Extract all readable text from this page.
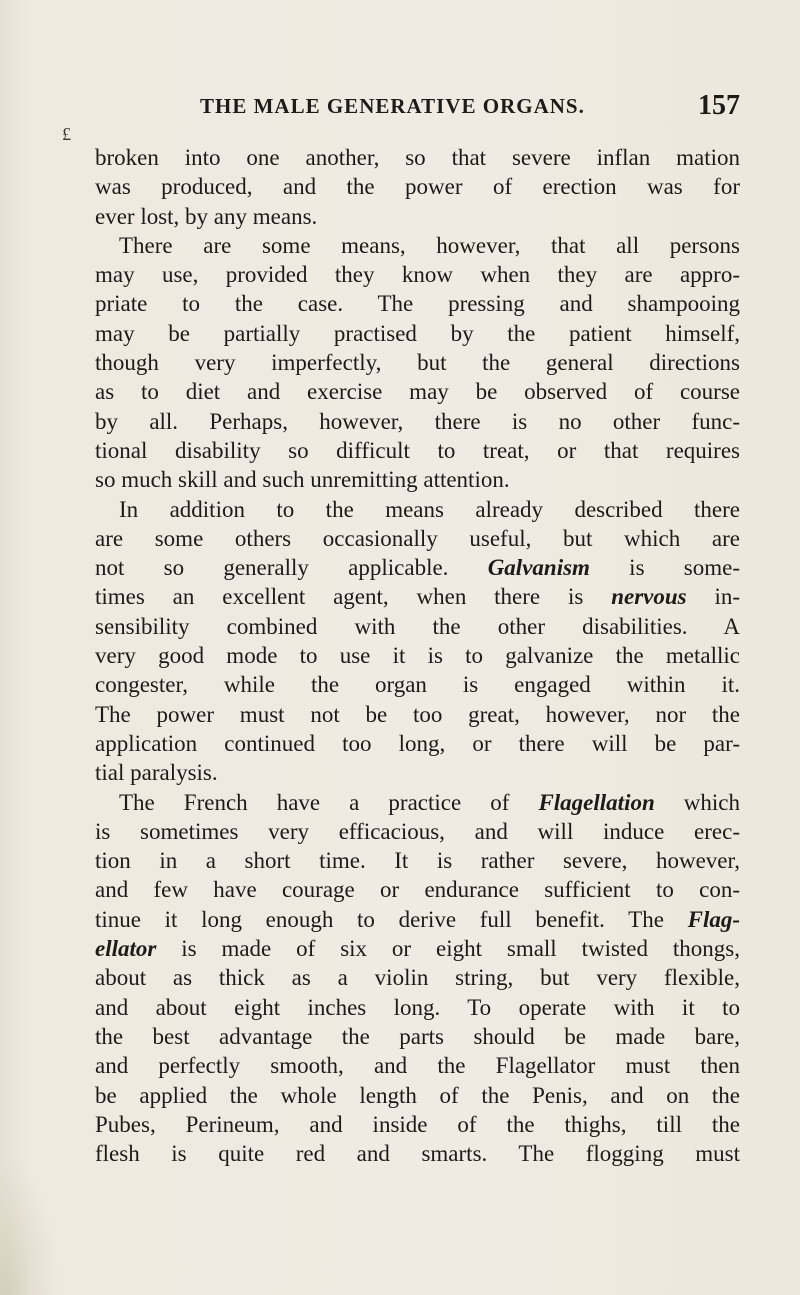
THE MALE GENERATIVE ORGANS.	157
£
broken into one another, so that severe inflan mation
was produced, and the power of erection was for
ever lost, by any means.
There are some means, however, that all persons
may use, provided they know when they are appro-
priate to the case. The pressing and shampooing
may be partially practised by the patient himself,
though very imperfectly, but the general directions
as to diet and exercise may be observed of course
by all. Perhaps, however, there is no other func-
tional disability so difficult to treat, or that requires
so much skill and such unremitting attention.
In addition to the means already described there
are some others occasionally useful, but which are
not so generally applicable. Galvanism is some-
times an excellent agent, when there is nervous in-
sensibility combined with the other disabilities. A
very good mode to use it is to galvanize the metallic
congester, while the organ is engaged within it.
The power must not be too great, however, nor the
application continued too long, or there will be par-
tial paralysis.
The French have a practice of Flagellation which
is sometimes very efficacious, and will induce erec-
tion in a short time. It is rather severe, however,
and few have courage or endurance sufficient to con-
tinue it long enough to derive full benefit. The Flag-
ellator is made of six or eight small twisted thongs,
about as thick as a violin string, but very flexible,
and about eight inches long. To operate with it to
the best advantage the parts should be made bare,
and perfectly smooth, and the Flagellator must then
be applied the whole length of the Penis, and on the
Pubes, Perineum, and inside of the thighs, till the
flesh is quite red and smarts. The flogging must
